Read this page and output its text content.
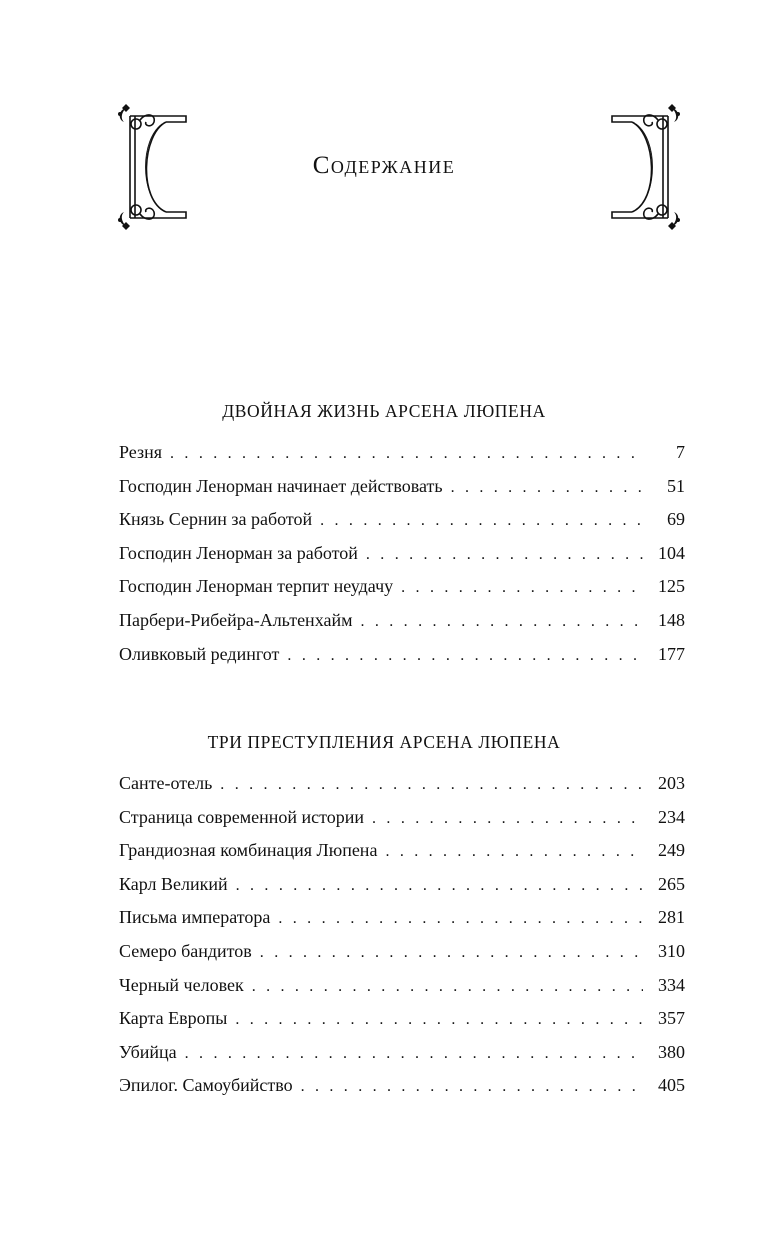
Содержание
ДВОЙНАЯ ЖИЗНЬ АРСЕНА ЛЮПЕНА
Резня . . .	7
Господин Ленорман начинает действовать . . .	51
Князь Сернин за работой . . .	69
Господин Ленорман за работой . . .	104
Господин Ленорман терпит неудачу . . .	125
Парбери-Рибейра-Альтенхайм . . .	148
Оливковый редингот . . .	177
ТРИ ПРЕСТУПЛЕНИЯ АРСЕНА ЛЮПЕНА
Санте-отель . . .	203
Страница современной истории . . .	234
Грандиозная комбинация Люпена . . .	249
Карл Великий . . .	265
Письма императора . . .	281
Семеро бандитов . . .	310
Черный человек . . .	334
Карта Европы . . .	357
Убийца . . .	380
Эпилог. Самоубийство . . .	405
